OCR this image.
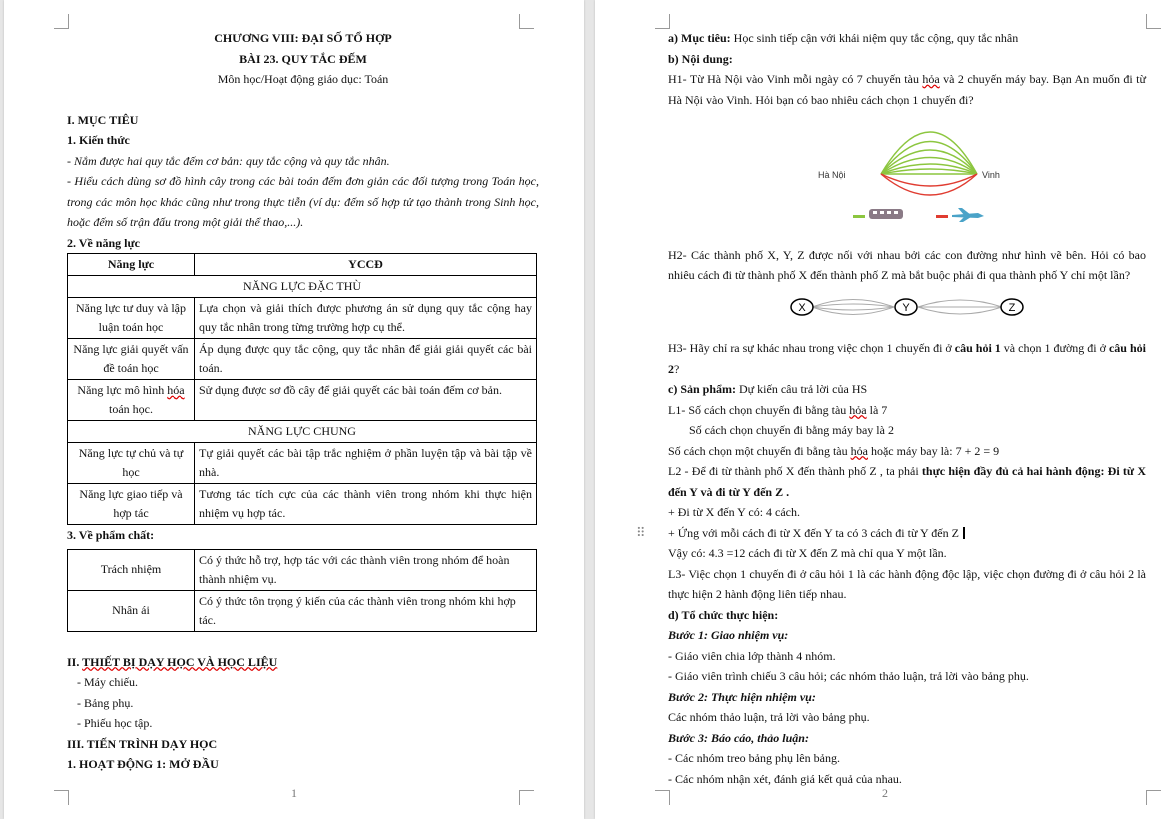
CHƯƠNG VIII: ĐẠI SỐ TỔ HỢP

BÀI 23. QUY TẮC ĐẾM

Môn học/Hoạt động giáo dục: Toán

I. MỤC TIÊU

1. Kiến thức

- Nắm được hai quy tắc đếm cơ bản: quy tắc cộng và quy tắc nhân.

- Hiểu cách dùng sơ đồ hình cây trong các bài toán đếm đơn giản các đối tượng trong Toán học, trong các môn học khác cũng như trong thực tiễn (ví dụ: đếm số hợp tử tạo thành trong Sinh học, hoặc đếm số trận đấu trong một giải thể thao,...).

2. Về năng lực

Năng lực	YCCĐ
NĂNG LỰC ĐẶC THÙ	
Năng lực tư duy và lập luận toán học	Lựa chọn và giải thích được phương án sử dụng quy tắc cộng hay quy tắc nhân trong từng trường hợp cụ thể.
Năng lực giải quyết vấn đề toán học	Áp dụng được quy tắc cộng, quy tắc nhân để giải giải quyết các bài toán.
Năng lực mô hình hóa toán học.	Sử dụng được sơ đồ cây để giải quyết các bài toán đếm cơ bản.
NĂNG LỰC CHUNG	
Năng lực tự chủ và tự học	Tự giải quyết các bài tập trắc nghiệm ở phần luyện tập và bài tập về nhà.
Năng lực giao tiếp và hợp tác	Tương tác tích cực của các thành viên trong nhóm khi thực hiện nhiệm vụ hợp tác.

3. Về phẩm chất:

Trách nhiệm	Có ý thức hỗ trợ, hợp tác với các thành viên trong nhóm để hoàn thành nhiệm vụ.
Nhân ái	Có ý thức tôn trọng ý kiến của các thành viên trong nhóm khi hợp tác.

II. THIẾT BỊ DẠY HỌC VÀ HỌC LIỆU

- Máy chiếu.

- Bảng phụ.

- Phiếu học tập.

III. TIẾN TRÌNH DẠY HỌC

1. HOẠT ĐỘNG 1: MỞ ĐẦU

1

a) Mục tiêu: Học sinh tiếp cận với khái niệm quy tắc cộng, quy tắc nhân

b) Nội dung:

H1- Từ Hà Nội vào Vinh mỗi ngày có 7 chuyến tàu hỏa và 2 chuyến máy bay. Bạn An muốn đi từ Hà Nội vào Vinh. Hỏi bạn có bao nhiêu cách chọn 1 chuyến đi?

Hà Nội	Vinh

H2- Các thành phố X, Y, Z được nối với nhau bởi các con đường như hình vẽ bên. Hỏi có bao nhiêu cách đi từ thành phố X đến thành phố Z mà bắt buộc phải đi qua thành phố Y chỉ một lần?

X	Y	Z

H3- Hãy chỉ ra sự khác nhau trong việc chọn 1 chuyến đi ở câu hỏi 1 và chọn 1 đường đi ở câu hỏi 2?

c) Sản phẩm: Dự kiến câu trả lời của HS

L1- Số cách chọn chuyến đi bằng tàu hỏa là 7

Số cách chọn chuyến đi bằng máy bay là 2

Số cách chọn một chuyến đi bằng tàu hỏa hoặc máy bay là: 7 + 2 = 9

L2 - Để đi từ thành phố X đến thành phố Z , ta phải thực hiện đầy đủ cả hai hành động: Đi từ X đến Y và đi từ Y đến Z .

+ Đi từ X đến Y có: 4 cách.

⠿ + Ứng với mỗi cách đi từ X đến Y ta có 3 cách đi từ Y đến Z

Vậy có: 4.3 =12 cách đi từ X đến Z mà chỉ qua Y một lần.

L3- Việc chọn 1 chuyến đi ở câu hỏi 1 là các hành động độc lập, việc chọn đường đi ở câu hỏi 2 là thực hiện 2 hành động liên tiếp nhau.

d) Tổ chức thực hiện:

Bước 1: Giao nhiệm vụ:

- Giáo viên chia lớp thành 4 nhóm.

- Giáo viên trình chiếu 3 câu hỏi; các nhóm thảo luận, trả lời vào bảng phụ.

Bước 2: Thực hiện nhiệm vụ:

Các nhóm thảo luận, trả lời vào bảng phụ.

Bước 3: Báo cáo, thảo luận:

- Các nhóm treo bảng phụ lên bảng.

- Các nhóm nhận xét, đánh giá kết quả của nhau.

2
